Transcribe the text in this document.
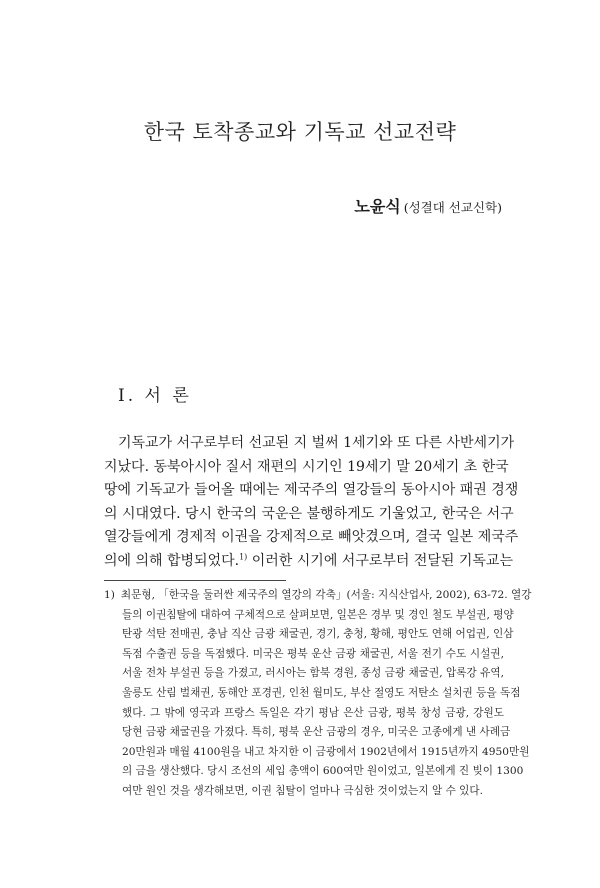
한국 토착종교와 기독교 선교전략
노윤식 (성결대 선교신학)
I. 서 론
기독교가 서구로부터 선교된 지 벌써 1세기와 또 다른 사반세기가
지났다. 동북아시아 질서 재편의 시기인 19세기 말 20세기 초 한국
땅에 기독교가 들어올 때에는 제국주의 열강들의 동아시아 패권 경쟁
의 시대였다. 당시 한국의 국운은 불행하게도 기울었고, 한국은 서구
열강들에게 경제적 이권을 강제적으로 빼앗겼으며, 결국 일본 제국주
의에 의해 합병되었다.$^{1)}$ 이러한 시기에 서구로부터 전달된 기독교는
1) 최문형, 「한국을 둘러싼 제국주의 열강의 각축」(서울: 지식산업사, 2002), 63-72. 열강
들의 이권침탈에 대하여 구체적으로 살펴보면, 일본은 경부 및 경인 철도 부설권, 평양
탄광 석탄 전매권, 충남 직산 금광 채굴권, 경기, 충청, 황해, 평안도 연해 어업권, 인삼
독점 수출권 등을 독점했다. 미국은 평북 운산 금광 채굴권, 서울 전기 수도 시설권,
서울 전차 부설권 등을 가졌고, 러시아는 함북 경원, 종성 금광 채굴권, 압록강 유역,
울릉도 산림 벌채권, 동해안 포경권, 인천 월미도, 부산 절영도 저탄소 설치권 등을 독점
했다. 그 밖에 영국과 프랑스 독일은 각기 평남 은산 금광, 평북 창성 금광, 강원도
당현 금광 채굴권을 가졌다. 특히, 평북 운산 금광의 경우, 미국은 고종에게 낸 사례금
20만원과 매월 4100원을 내고 차지한 이 금광에서 1902년에서 1915년까지 4950만원
의 금을 생산했다. 당시 조선의 세입 총액이 600여만 원이었고, 일본에게 진 빚이 1300
여만 원인 것을 생각해보면, 이권 침탈이 얼마나 극심한 것이었는지 알 수 있다.
